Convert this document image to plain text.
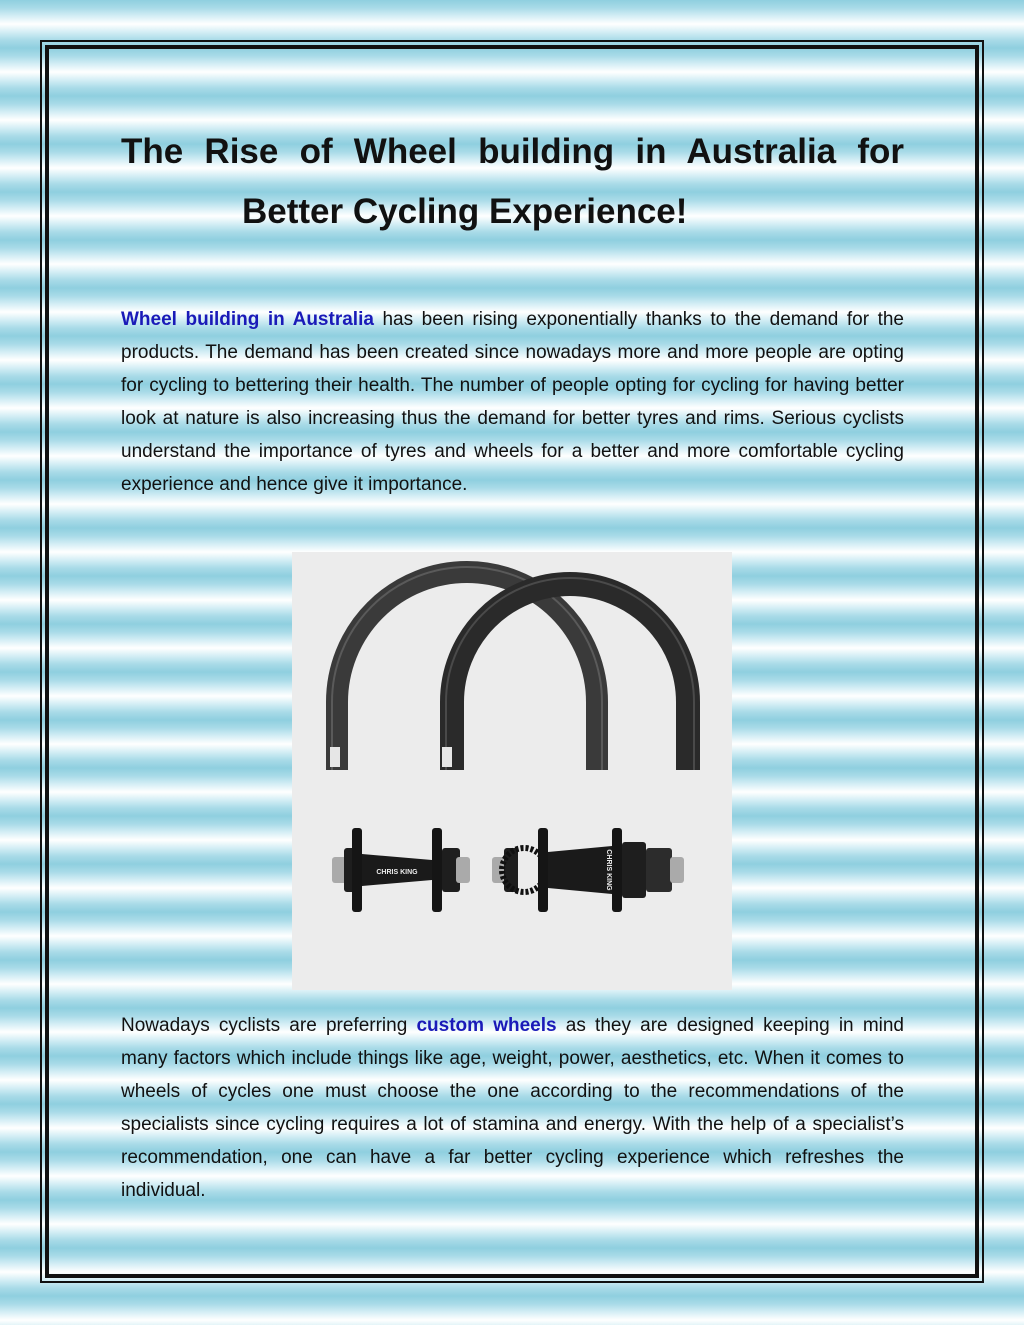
The Rise of Wheel building in Australia for
Better Cycling Experience!

Wheel building in Australia has been rising exponentially thanks to the demand for the products. The demand has been created since nowadays more and more people are opting for cycling to bettering their health. The number of people opting for cycling for having better look at nature is also increasing thus the demand for better tyres and rims. Serious cyclists understand the importance of tyres and wheels for a better and more comfortable cycling experience and hence give it importance.

CHRIS KING	CHRIS KING

Nowadays cyclists are preferring custom wheels as they are designed keeping in mind many factors which include things like age, weight, power, aesthetics, etc. When it comes to wheels of cycles one must choose the one according to the recommendations of the specialists since cycling requires a lot of stamina and energy. With the help of a specialist’s recommendation, one can have a far better cycling experience which refreshes the individual.
